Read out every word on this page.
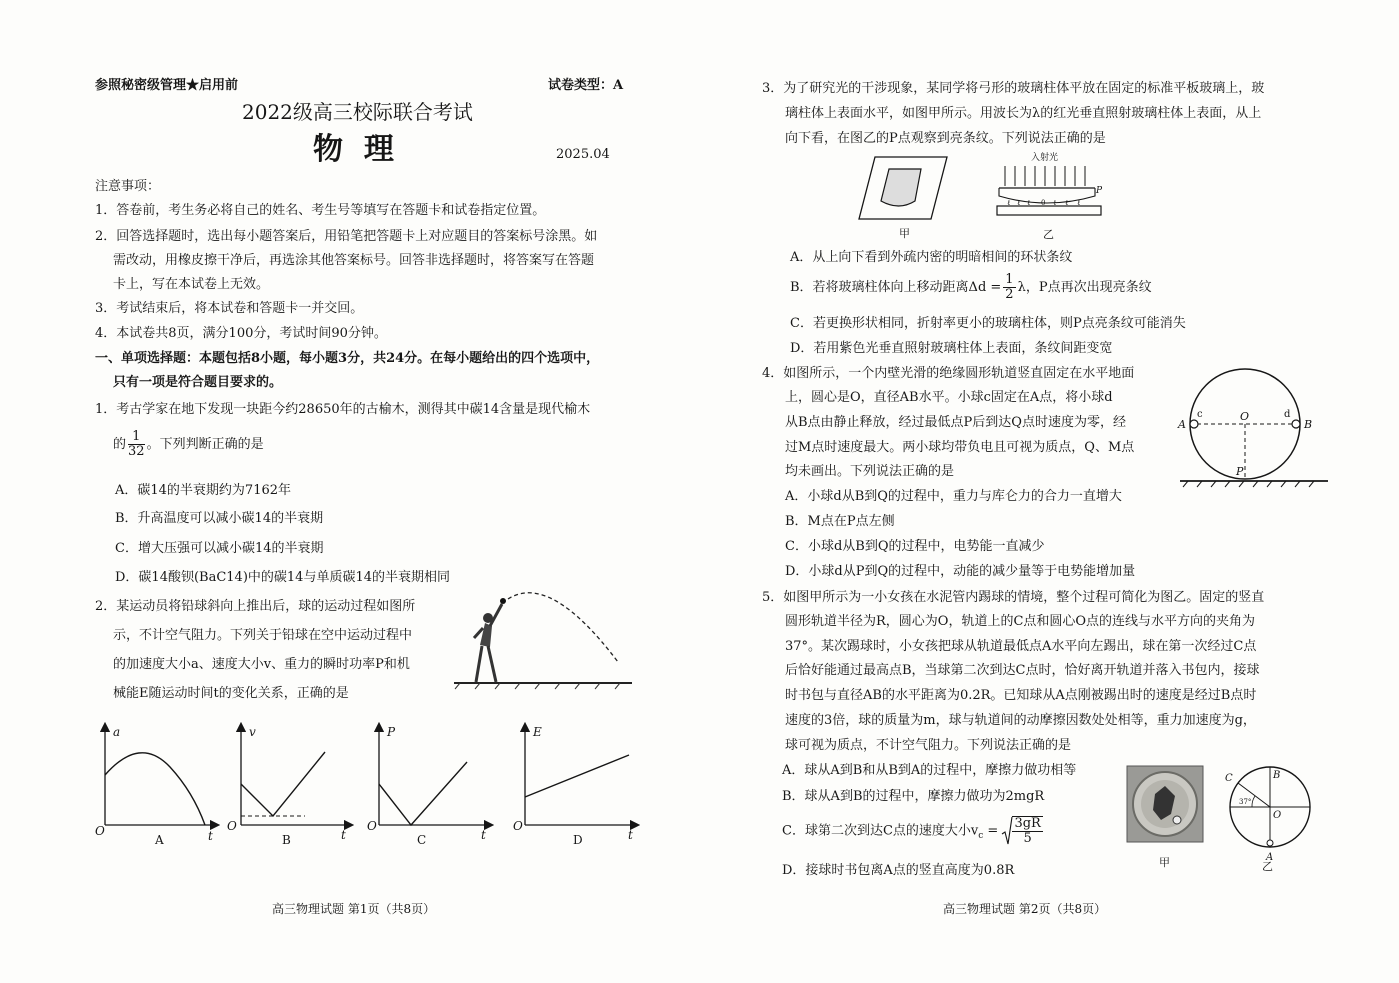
参照秘密级管理★启用前	试卷类型：A
2022级高三校际联合考试
物  理	2025.04
注意事项：
1．答卷前，考生务必将自己的姓名、考生号等填写在答题卡和试卷指定位置。
2．回答选择题时，选出每小题答案后，用铅笔把答题卡上对应题目的答案标号涂黑。如
需改动，用橡皮擦干净后，再选涂其他答案标号。回答非选择题时，将答案写在答题
卡上，写在本试卷上无效。
3．考试结束后，将本试卷和答题卡一并交回。
4．本试卷共8页，满分100分，考试时间90分钟。
一、单项选择题：本题包括8小题，每小题3分，共24分。在每小题给出的四个选项中，
只有一项是符合题目要求的。
1．考古学家在地下发现一块距今约28650年的古榆木，测得其中碳14含量是现代榆木
的 $\frac{1}{32}$ 。下列判断正确的是
A．碳14的半衰期约为7162年
B．升高温度可以减小碳14的半衰期
C．增大压强可以减小碳14的半衰期
D．碳14酸钡(BaC14)中的碳14与单质碳14的半衰期相同
2．某运动员将铅球斜向上推出后，球的运动过程如图所
示，不计空气阻力。下列关于铅球在空中运动过程中
的加速度大小a、速度大小v、重力的瞬时功率P和机
械能E随运动时间t的变化关系，正确的是
a
O	t
A
v
O
t
B
P
O
t
C
E
O
t
D
高三物理试题 第1页（共8页）
3．为了研究光的干涉现象，某同学将弓形的玻璃柱体平放在固定的标准平板玻璃上，玻
璃柱体上表面水平，如图甲所示。用波长为λ的红光垂直照射玻璃柱体上表面，从上
向下看，在图乙的P点观察到亮条纹。下列说法正确的是
甲
入射光
ℓ ℓ ℓ 0 ℓ ℓ ℓ
P
乙
A．从上向下看到外疏内密的明暗相间的环状条纹
B．若将玻璃柱体向上移动距离$\Delta d = \frac{1}{2}$ λ，P点再次出现亮条纹
C．若更换形状相同，折射率更小的玻璃柱体，则P点亮条纹可能消失
D．若用紫色光垂直照射玻璃柱体上表面，条纹间距变宽
4．如图所示，一个内壁光滑的绝缘圆形轨道竖直固定在水平地面
上，圆心是O，直径AB水平。小球c固定在A点，将小球d
从B点由静止释放，经过最低点P后到达Q点时速度为零，经
过M点时速度最大。两小球均带负电且可视为质点，Q、M点
均未画出。下列说法正确的是
A	B
O
P
c	d
A．小球d从B到Q的过程中，重力与库仑力的合力一直增大
B．M点在P点左侧
C．小球d从B到Q的过程中，电势能一直减少
D．小球d从P到Q的过程中，动能的减少量等于电势能增加量
5．如图甲所示为一小女孩在水泥管内踢球的情境，整个过程可简化为图乙。固定的竖直
圆形轨道半径为R，圆心为O，轨道上的C点和圆心O点的连线与水平方向的夹角为
37°。某次踢球时，小女孩把球从轨道最低点A水平向左踢出，球在第一次经过C点
后恰好能通过最高点B，当球第二次到达C点时，恰好离开轨道并落入书包内，接球
时书包与直径AB的水平距离为0.2R。已知球从A点刚被踢出时的速度是经过B点时
速度的3倍，球的质量为m，球与轨道间的动摩擦因数处处相等，重力加速度为g，
球可视为质点，不计空气阻力。下列说法正确的是
A．球从A到B和从B到A的过程中，摩擦力做功相等
B．球从A到B的过程中，摩擦力做功为2mgR
C．球第二次到达C点的速度大小$v_c = \frac{3gR}{5}$
D．接球时书包离A点的竖直高度为0.8R
甲
C	B
O
A
37°
乙
高三物理试题 第2页（共8页）
